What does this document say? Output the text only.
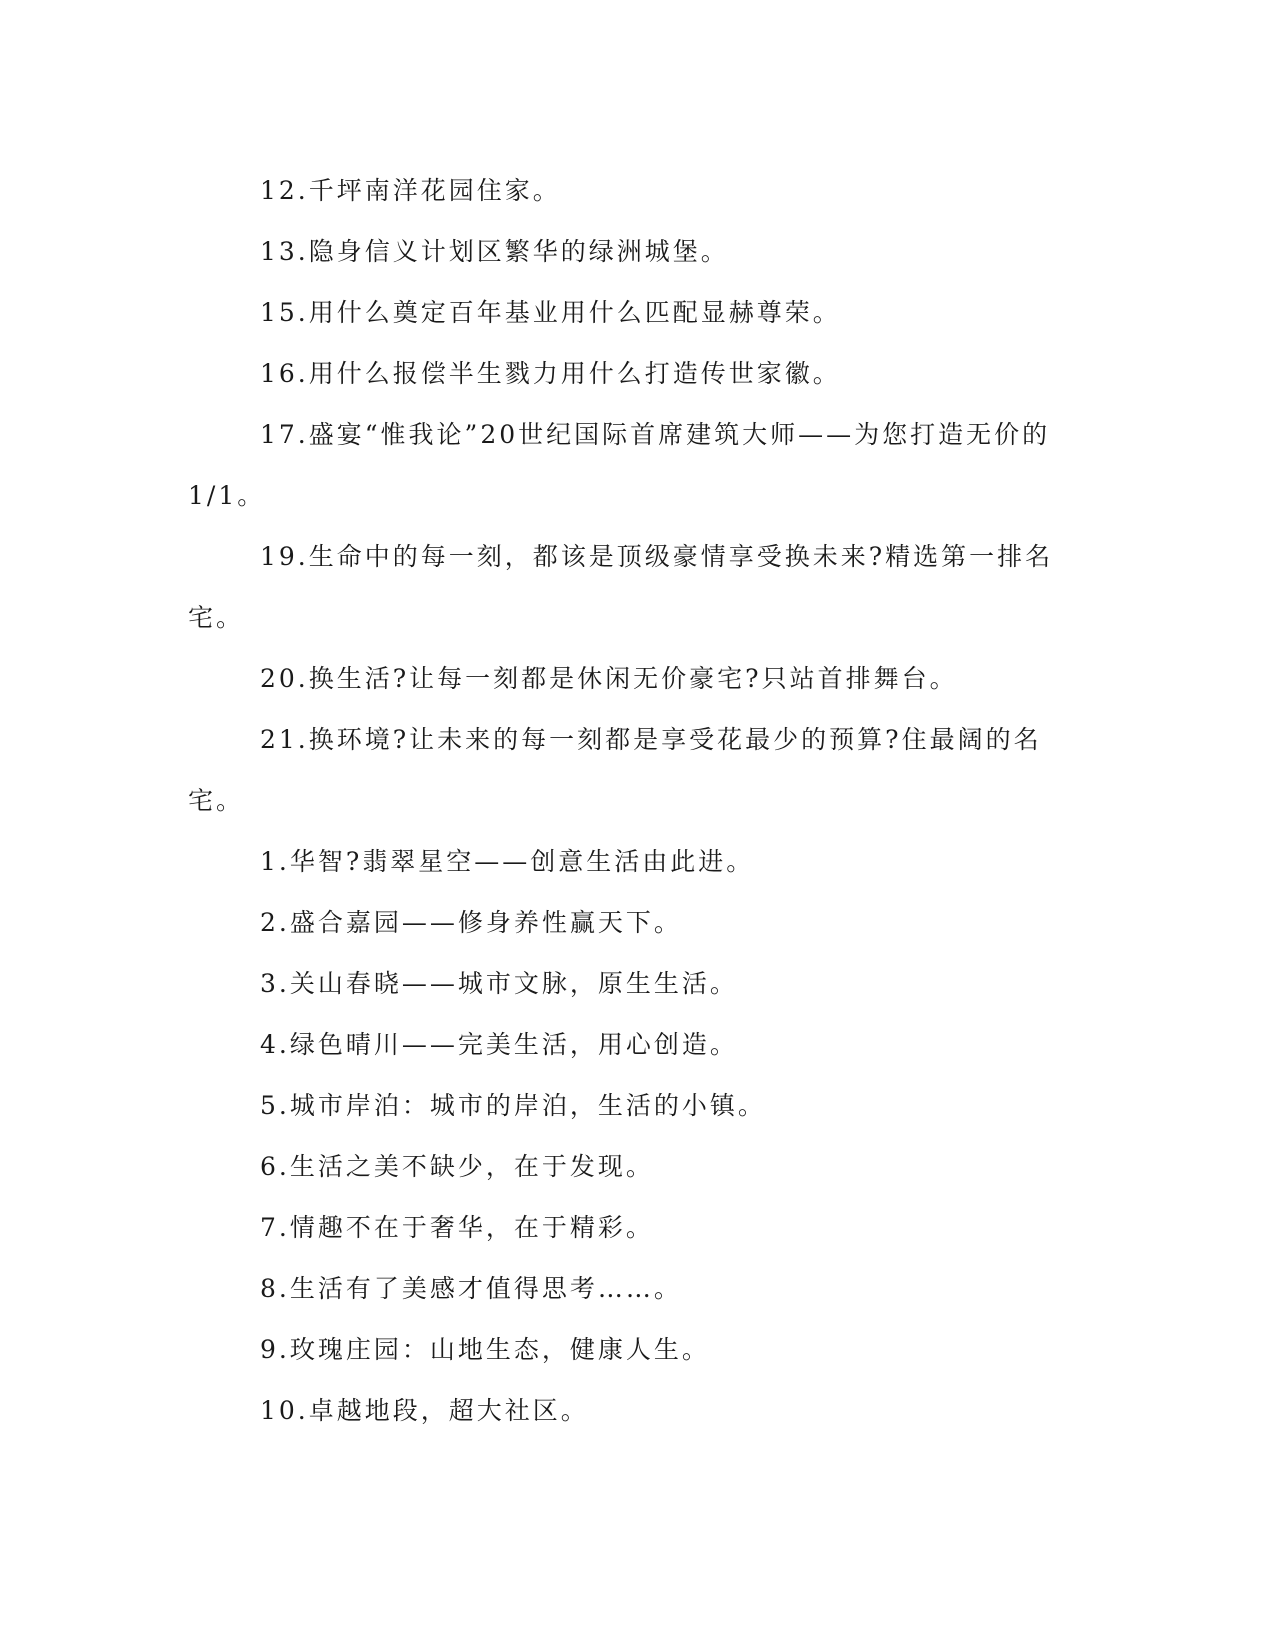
12.千坪南洋花园住家。

13.隐身信义计划区繁华的绿洲城堡。

15.用什么奠定百年基业用什么匹配显赫尊荣。

16.用什么报偿半生戮力用什么打造传世家徽。

17.盛宴“惟我论”20世纪国际首席建筑大师——为您打造无价的1/1。

19.生命中的每一刻，都该是顶级豪情享受换未来?精选第一排名宅。

20.换生活?让每一刻都是休闲无价豪宅?只站首排舞台。

21.换环境?让未来的每一刻都是享受花最少的预算?住最阔的名宅。

1.华智?翡翠星空——创意生活由此进。

2.盛合嘉园——修身养性赢天下。

3.关山春晓——城市文脉，原生生活。

4.绿色晴川——完美生活，用心创造。

5.城市岸泊：城市的岸泊，生活的小镇。

6.生活之美不缺少，在于发现。

7.情趣不在于奢华，在于精彩。

8.生活有了美感才值得思考……。

9.玫瑰庄园：山地生态，健康人生。

10.卓越地段，超大社区。
